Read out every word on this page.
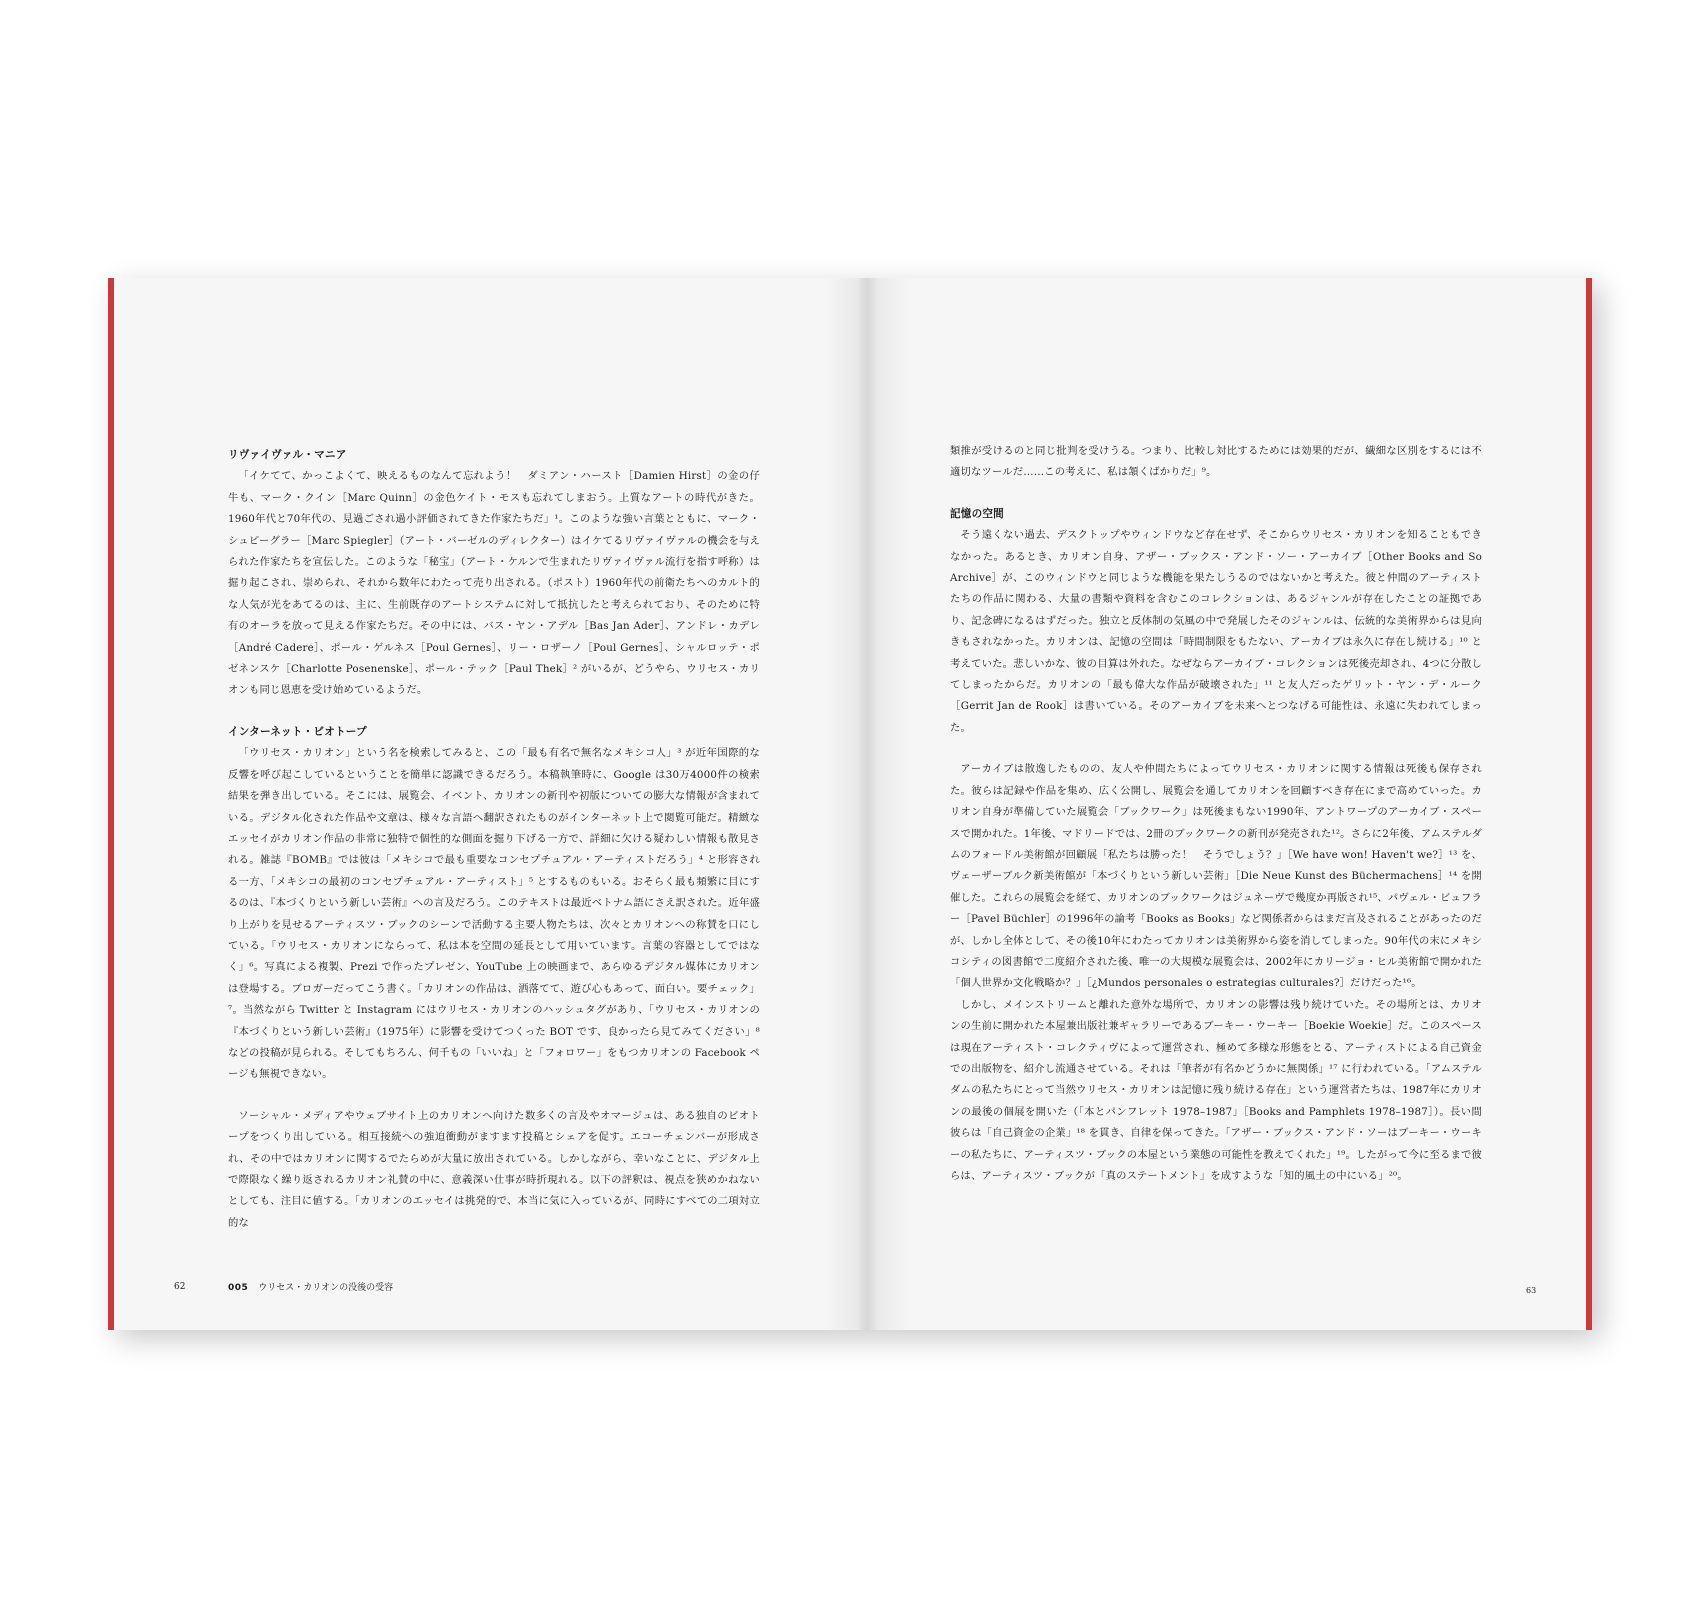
リヴァイヴァル・マニア

「イケてて、かっこよくて、映えるものなんて忘れよう！　ダミアン・ハースト［Damien Hirst］の金の仔牛も、マーク・クイン［Marc Quinn］の金色ケイト・モスも忘れてしまおう。上質なアートの時代がきた。1960年代と70年代の、見過ごされ過小評価されてきた作家たちだ」¹。このような強い言葉とともに、マーク・シュピーグラー［Marc Spiegler］（アート・バーゼルのディレクター）はイケてるリヴァイヴァルの機会を与えられた作家たちを宣伝した。このような「秘宝」（アート・ケルンで生まれたリヴァイヴァル流行を指す呼称）は掘り起こされ、崇められ、それから数年にわたって売り出される。（ポスト）1960年代の前衛たちへのカルト的な人気が光をあてるのは、主に、生前既存のアートシステムに対して抵抗したと考えられており、そのために特有のオーラを放って見える作家たちだ。その中には、バス・ヤン・アデル［Bas Jan Ader］、アンドレ・カデレ［André Cadere］、ポール・ゲルネス［Poul Gernes］、リー・ロザーノ［Poul Gernes］、シャルロッテ・ポゼネンスケ［Charlotte Posenenske］、ポール・テック［Paul Thek］² がいるが、どうやら、ウリセス・カリオンも同じ恩恵を受け始めているようだ。

インターネット・ビオトープ

「ウリセス・カリオン」という名を検索してみると、この「最も有名で無名なメキシコ人」³ が近年国際的な反響を呼び起こしているということを簡単に認識できるだろう。本稿執筆時に、Google は30万4000件の検索結果を弾き出している。そこには、展覧会、イベント、カリオンの新刊や初版についての膨大な情報が含まれている。デジタル化された作品や文章は、様々な言語へ翻訳されたものがインターネット上で閲覧可能だ。精緻なエッセイがカリオン作品の非常に独特で個性的な側面を掘り下げる一方で、詳細に欠ける疑わしい情報も散見される。雑誌『BOMB』では彼は「メキシコで最も重要なコンセプチュアル・アーティストだろう」⁴ と形容される一方、「メキシコの最初のコンセプチュアル・アーティスト」⁵ とするものもいる。おそらく最も頻繁に目にするのは、『本づくりという新しい芸術』への言及だろう。このテキストは最近ベトナム語にさえ訳された。近年盛り上がりを見せるアーティスツ・ブックのシーンで活動する主要人物たちは、次々とカリオンへの称賛を口にしている。「ウリセス・カリオンにならって、私は本を空間の延長として用いています。言葉の容器としてではなく」⁶。写真による複製、Prezi で作ったプレゼン、YouTube 上の映画まで、あらゆるデジタル媒体にカリオンは登場する。ブロガーだってこう書く。「カリオンの作品は、洒落てて、遊び心もあって、面白い。要チェック」⁷。当然ながら Twitter と Instagram にはウリセス・カリオンのハッシュタグがあり、「ウリセス・カリオンの『本づくりという新しい芸術』（1975年）に影響を受けてつくった BOT です、良かったら見てみてください」⁸ などの投稿が見られる。そしてもちろん、何千もの「いいね」と「フォロワー」をもつカリオンの Facebook ページも無視できない。

ソーシャル・メディアやウェブサイト上のカリオンへ向けた数多くの言及やオマージュは、ある独自のビオトープをつくり出している。相互接続への強迫衝動がますます投稿とシェアを促す。エコーチェンバーが形成され、その中ではカリオンに関するでたらめが大量に放出されている。しかしながら、幸いなことに、デジタル上で際限なく繰り返されるカリオン礼賛の中に、意義深い仕事が時折現れる。以下の評釈は、視点を狭めかねないとしても、注目に値する。「カリオンのエッセイは挑発的で、本当に気に入っているが、同時にすべての二項対立的な

62	005 ウリセス・カリオンの没後の受容

類推が受けるのと同じ批判を受けうる。つまり、比較し対比するためには効果的だが、繊細な区別をするには不適切なツールだ……この考えに、私は頷くばかりだ」⁹。

記憶の空間

そう遠くない過去、デスクトップやウィンドウなど存在せず、そこからウリセス・カリオンを知ることもできなかった。あるとき、カリオン自身、アザー・ブックス・アンド・ソー・アーカイブ［Other Books and So Archive］が、このウィンドウと同じような機能を果たしうるのではないかと考えた。彼と仲間のアーティストたちの作品に関わる、大量の書類や資料を含むこのコレクションは、あるジャンルが存在したことの証拠であり、記念碑になるはずだった。独立と反体制の気風の中で発展したそのジャンルは、伝統的な美術界からは見向きもされなかった。カリオンは、記憶の空間は「時間制限をもたない、アーカイブは永久に存在し続ける」¹⁰ と考えていた。悲しいかな、彼の目算は外れた。なぜならアーカイブ・コレクションは死後売却され、4つに分散してしまったからだ。カリオンの「最も偉大な作品が破壊された」¹¹ と友人だったゲリット・ヤン・デ・ルーク［Gerrit Jan de Rook］は書いている。そのアーカイブを未来へとつなげる可能性は、永遠に失われてしまった。

アーカイブは散逸したものの、友人や仲間たちによってウリセス・カリオンに関する情報は死後も保存された。彼らは記録や作品を集め、広く公開し、展覧会を通してカリオンを回顧すべき存在にまで高めていった。カリオン自身が準備していた展覧会「ブックワーク」は死後まもない1990年、アントワープのアーカイブ・スペースで開かれた。1年後、マドリードでは、2冊のブックワークの新刊が発売された¹²。さらに2年後、アムステルダムのフォードル美術館が回顧展「私たちは勝った！　そうでしょう？」［We have won! Haven't we?］¹³ を、ヴェーザーブルク新美術館が「本づくりという新しい芸術」［Die Neue Kunst des Büchermachens］¹⁴ を開催した。これらの展覧会を経て、カリオンのブックワークはジュネーヴで幾度か再版され¹⁵、パヴェル・ビュフラー［Pavel Büchler］の1996年の論考「Books as Books」など関係者からはまだ言及されることがあったのだが、しかし全体として、その後10年にわたってカリオンは美術界から姿を消してしまった。90年代の末にメキシコシティの図書館で二度紹介された後、唯一の大規模な展覧会は、2002年にカリージョ・ヒル美術館で開かれた「個人世界か文化戦略か？」［¿Mundos personales o estrategias culturales?］だけだった¹⁶。

しかし、メインストリームと離れた意外な場所で、カリオンの影響は残り続けていた。その場所とは、カリオンの生前に開かれた本屋兼出版社兼ギャラリーであるブーキー・ウーキー［Boekie Woekie］だ。このスペースは現在アーティスト・コレクティヴによって運営され、極めて多様な形態をとる、アーティストによる自己資金での出版物を、紹介し流通させている。それは「筆者が有名かどうかに無関係」¹⁷ に行われている。「アムステルダムの私たちにとって当然ウリセス・カリオンは記憶に残り続ける存在」という運営者たちは、1987年にカリオンの最後の個展を開いた（「本とパンフレット 1978–1987」［Books and Pamphlets 1978–1987］）。長い間彼らは「自己資金の企業」¹⁸ を貫き、自律を保ってきた。「アザー・ブックス・アンド・ソーはブーキー・ウーキーの私たちに、アーティスツ・ブックの本屋という業態の可能性を教えてくれた」¹⁹。したがって今に至るまで彼らは、アーティスツ・ブックが「真のステートメント」を成すような「知的風土の中にいる」²⁰。

63
